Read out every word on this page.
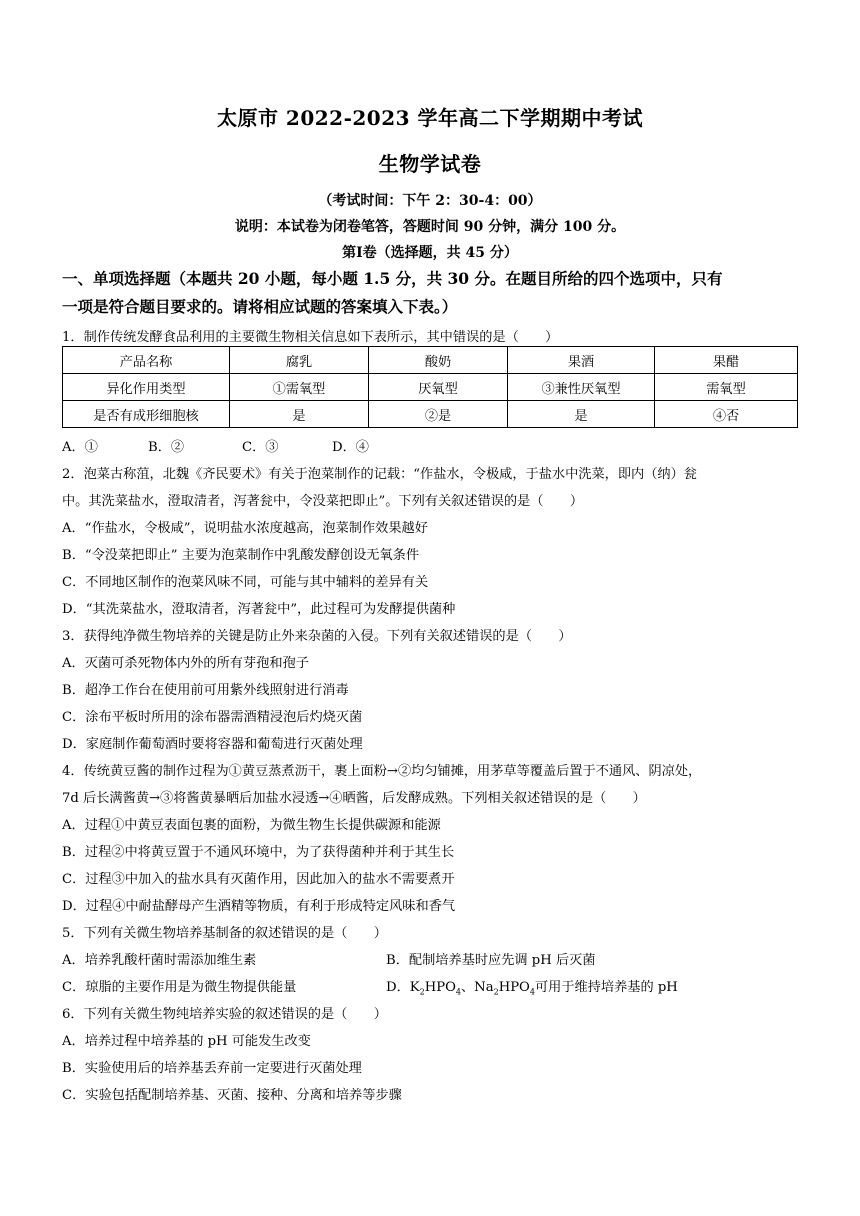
太原市 2022-2023 学年高二下学期期中考试
生物学试卷
（考试时间：下午 2：30-4：00）
说明：本试卷为闭卷笔答，答题时间 90 分钟，满分 100 分。
第Ⅰ卷（选择题，共 45 分）
一、单项选择题（本题共 20 小题，每小题 1.5 分，共 30 分。在题目所给的四个选项中，只有
一项是符合题目要求的。请将相应试题的答案填入下表。）
1．制作传统发酵食品利用的主要微生物相关信息如下表所示，其中错误的是（　　）
产品名称	腐乳	酸奶	果酒	果醋
异化作用类型	①需氧型	厌氧型	③兼性厌氧型	需氧型
是否有成形细胞核	是	②是	是	④否
A．①	B．②	C．③	D．④
2．泡菜古称菹，北魏《齐民要术》有关于泡菜制作的记载：“作盐水，令极咸，于盐水中洗菜，即内（纳）瓮
中。其洗菜盐水，澄取清者，泻著瓮中，令没菜把即止”。下列有关叙述错误的是（　　）
A．“作盐水，令极咸”，说明盐水浓度越高，泡菜制作效果越好
B．“令没菜把即止” 主要为泡菜制作中乳酸发酵创设无氧条件
C．不同地区制作的泡菜风味不同，可能与其中辅料的差异有关
D．“其洗菜盐水，澄取清者，泻著瓮中”，此过程可为发酵提供菌种
3．获得纯净微生物培养的关键是防止外来杂菌的入侵。下列有关叙述错误的是（　　）
A．灭菌可杀死物体内外的所有芽孢和孢子
B．超净工作台在使用前可用紫外线照射进行消毒
C．涂布平板时所用的涂布器需酒精浸泡后灼烧灭菌
D．家庭制作葡萄酒时要将容器和葡萄进行灭菌处理
4．传统黄豆酱的制作过程为①黄豆蒸煮沥干，裹上面粉→②均匀铺摊，用茅草等覆盖后置于不通风、阴凉处，
7d 后长满酱黄→③将酱黄暴晒后加盐水浸透→④晒酱，后发酵成熟。下列相关叙述错误的是（　　）
A．过程①中黄豆表面包裹的面粉，为微生物生长提供碳源和能源
B．过程②中将黄豆置于不通风环境中，为了获得菌种并利于其生长
C．过程③中加入的盐水具有灭菌作用，因此加入的盐水不需要煮开
D．过程④中耐盐酵母产生酒精等物质，有利于形成特定风味和香气
5．下列有关微生物培养基制备的叙述错误的是（　　）
A．培养乳酸杆菌时需添加维生素	B．配制培养基时应先调 pH 后灭菌
C．琼脂的主要作用是为微生物提供能量	D．$K_2HPO_4$、$Na_2HPO_4$可用于维持培养基的 pH
6．下列有关微生物纯培养实验的叙述错误的是（　　）
A．培养过程中培养基的 pH 可能发生改变
B．实验使用后的培养基丢弃前一定要进行灭菌处理
C．实验包括配制培养基、灭菌、接种、分离和培养等步骤
